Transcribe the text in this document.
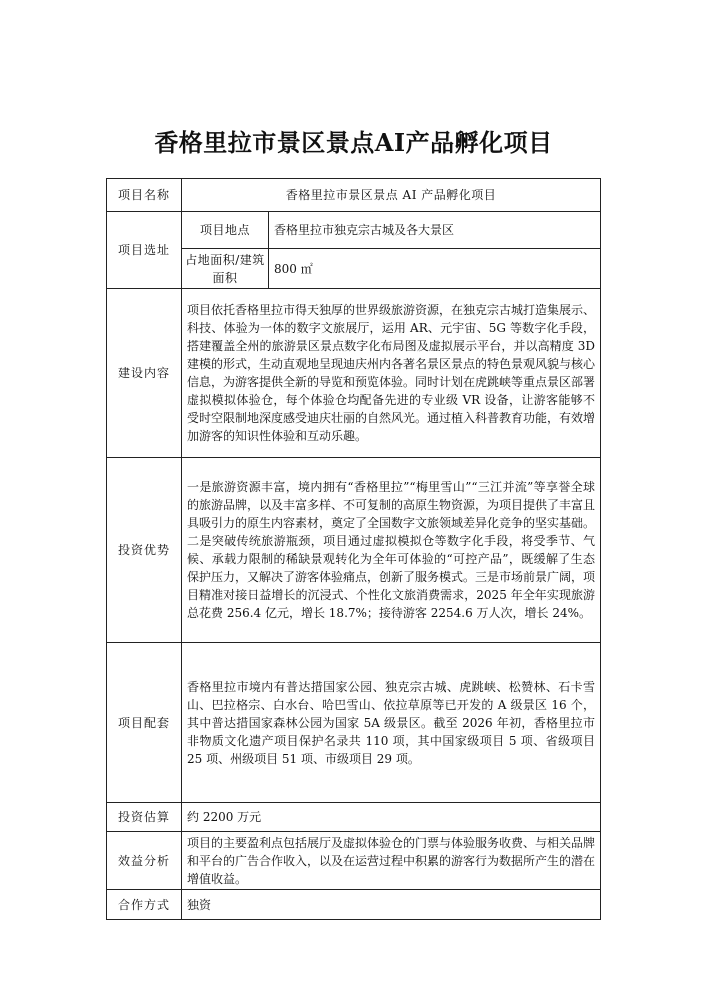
香格里拉市景区景点AI产品孵化项目
项目名称	香格里拉市景区景点 AI 产品孵化项目	
项目选址	项目地点	香格里拉市独克宗古城及各大景区
	占地面积/建筑面积	800 ㎡
建设内容	项目依托香格里拉市得天独厚的世界级旅游资源，在独克宗古城打造集展示、科技、体验为一体的数字文旅展厅，运用 AR、元宇宙、5G 等数字化手段，搭建覆盖全州的旅游景区景点数字化布局图及虚拟展示平台，并以高精度 3D 建模的形式，生动直观地呈现迪庆州内各著名景区景点的特色景观风貌与核心信息，为游客提供全新的导览和预览体验。同时计划在虎跳峡等重点景区部署虚拟模拟体验仓，每个体验仓均配备先进的专业级 VR 设备，让游客能够不受时空限制地深度感受迪庆壮丽的自然风光。通过植入科普教育功能，有效增加游客的知识性体验和互动乐趣。	
投资优势	一是旅游资源丰富，境内拥有“香格里拉”“梅里雪山”“三江并流”等享誉全球的旅游品牌，以及丰富多样、不可复制的高原生物资源，为项目提供了丰富且具吸引力的原生内容素材，奠定了全国数字文旅领域差异化竞争的坚实基础。二是突破传统旅游瓶颈，项目通过虚拟模拟仓等数字化手段，将受季节、气候、承载力限制的稀缺景观转化为全年可体验的“可控产品”，既缓解了生态保护压力，又解决了游客体验痛点，创新了服务模式。三是市场前景广阔，项目精准对接日益增长的沉浸式、个性化文旅消费需求，2025 年全年实现旅游总花费 256.4 亿元，增长 18.7%；接待游客 2254.6 万人次，增长 24%。	
项目配套	香格里拉市境内有普达措国家公园、独克宗古城、虎跳峡、松赞林、石卡雪山、巴拉格宗、白水台、哈巴雪山、依拉草原等已开发的 A 级景区 16 个，其中普达措国家森林公园为国家 5A 级景区。截至 2026 年初，香格里拉市非物质文化遗产项目保护名录共 110 项，其中国家级项目 5 项、省级项目 25 项、州级项目 51 项、市级项目 29 项。	
投资估算	约 2200 万元	
效益分析	项目的主要盈利点包括展厅及虚拟体验仓的门票与体验服务收费、与相关品牌和平台的广告合作收入，以及在运营过程中积累的游客行为数据所产生的潜在增值收益。	
合作方式	独资	
